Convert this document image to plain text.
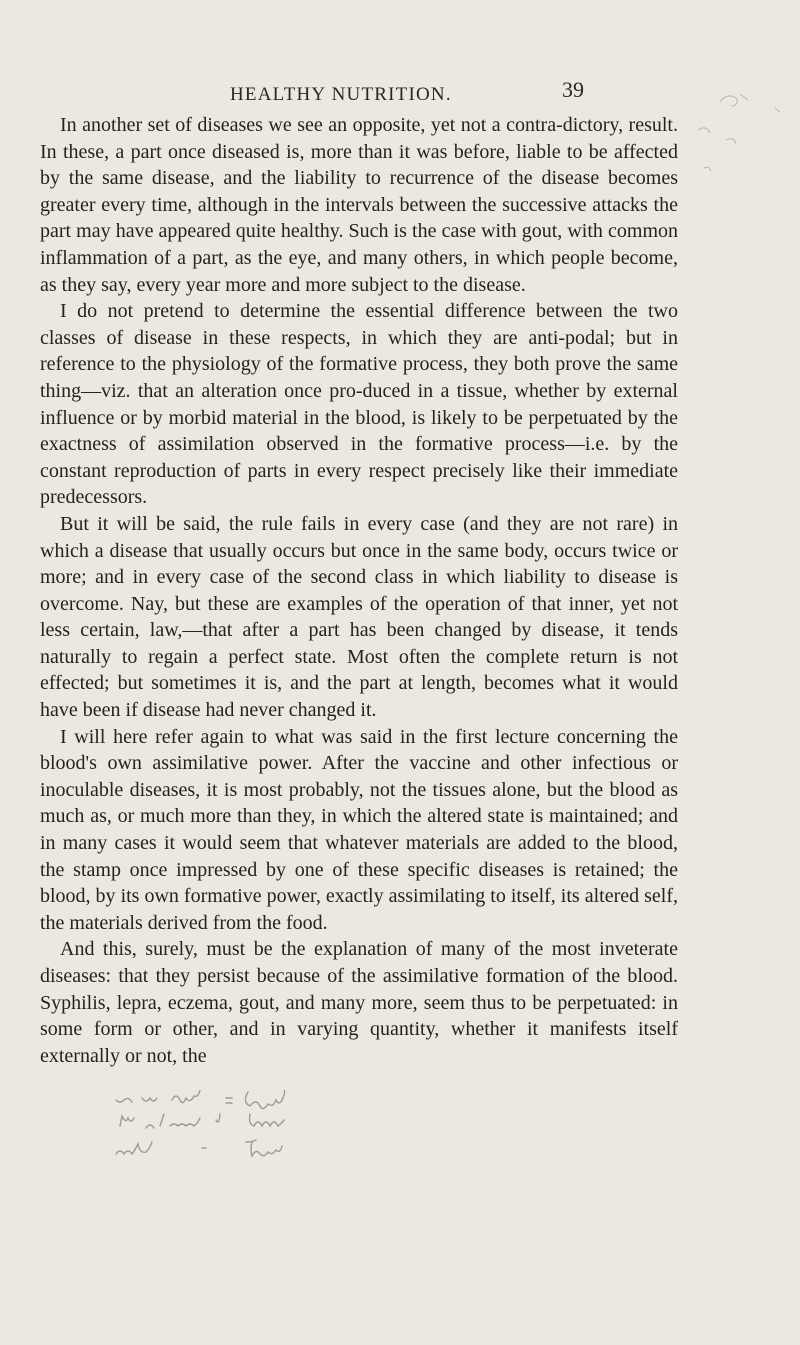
HEALTHY NUTRITION.	39

In another set of diseases we see an opposite, yet not a contra-dictory, result. In these, a part once diseased is, more than it was before, liable to be affected by the same disease, and the liability to recurrence of the disease becomes greater every time, although in the intervals between the successive attacks the part may have appeared quite healthy. Such is the case with gout, with common inflammation of a part, as the eye, and many others, in which people become, as they say, every year more and more subject to the disease.

I do not pretend to determine the essential difference between the two classes of disease in these respects, in which they are anti-podal; but in reference to the physiology of the formative process, they both prove the same thing—viz. that an alteration once pro-duced in a tissue, whether by external influence or by morbid material in the blood, is likely to be perpetuated by the exactness of assimilation observed in the formative process—i.e. by the constant reproduction of parts in every respect precisely like their immediate predecessors.

But it will be said, the rule fails in every case (and they are not rare) in which a disease that usually occurs but once in the same body, occurs twice or more; and in every case of the second class in which liability to disease is overcome. Nay, but these are examples of the operation of that inner, yet not less certain, law,—that after a part has been changed by disease, it tends naturally to regain a perfect state. Most often the complete return is not effected; but sometimes it is, and the part at length, becomes what it would have been if disease had never changed it.

I will here refer again to what was said in the first lecture concerning the blood's own assimilative power. After the vaccine and other infectious or inoculable diseases, it is most probably, not the tissues alone, but the blood as much as, or much more than they, in which the altered state is maintained; and in many cases it would seem that whatever materials are added to the blood, the stamp once impressed by one of these specific diseases is retained; the blood, by its own formative power, exactly assimilating to itself, its altered self, the materials derived from the food.

And this, surely, must be the explanation of many of the most inveterate diseases: that they persist because of the assimilative formation of the blood. Syphilis, lepra, eczema, gout, and many more, seem thus to be perpetuated: in some form or other, and in varying quantity, whether it manifests itself externally or not, the
